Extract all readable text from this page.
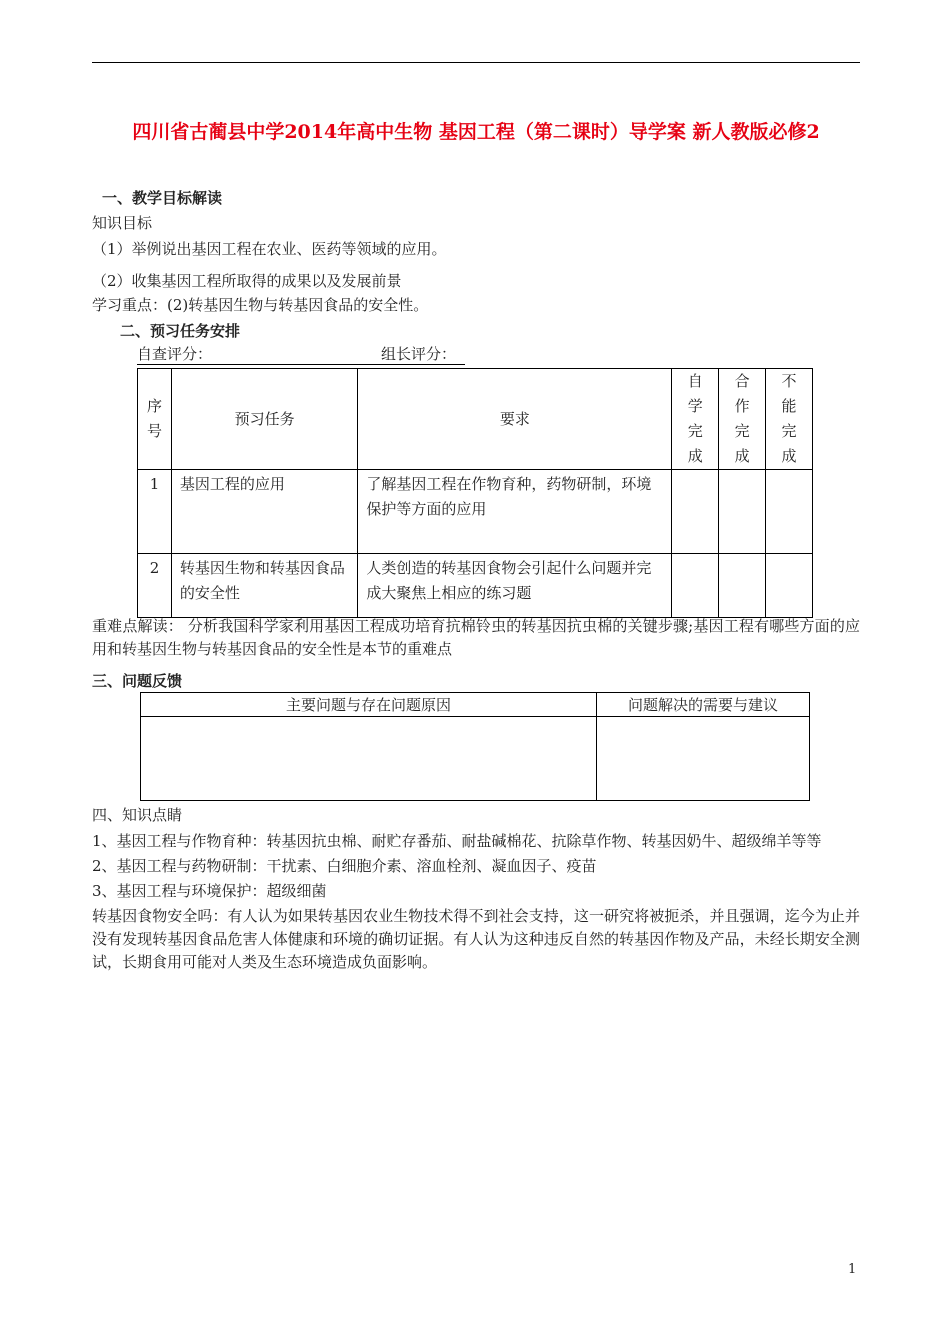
四川省古蔺县中学2014年高中生物 基因工程（第二课时）导学案 新人教版必修2
一、教学目标解读
知识目标
（1）举例说出基因工程在农业、医药等领域的应用。
（2）收集基因工程所取得的成果以及发展前景
学习重点：(2)转基因生物与转基因食品的安全性。
二、预习任务安排
自查评分：	组长评分：
序号	预习任务	要求	自学完成	合作完成	不能完成

1	基因工程的应用	了解基因工程在作物育种，药物研制，环境保护等方面的应用			
2	转基因生物和转基因食品的安全性	人类创造的转基因食物会引起什么问题并完成大聚焦上相应的练习题			
重难点解读： 分析我国科学家利用基因工程成功培育抗棉铃虫的转基因抗虫棉的关键步骤;基因工程有哪些方面的应用和转基因生物与转基因食品的安全性是本节的重难点
三、问题反馈
主要问题与存在问题原因	问题解决的需要与建议

四、知识点睛
1、基因工程与作物育种：转基因抗虫棉、耐贮存番茄、耐盐碱棉花、抗除草作物、转基因奶牛、超级绵羊等等
2、基因工程与药物研制：干扰素、白细胞介素、溶血栓剂、凝血因子、疫苗
3、基因工程与环境保护：超级细菌
转基因食物安全吗：有人认为如果转基因农业生物技术得不到社会支持，这一研究将被扼杀，并且强调，迄今为止并没有发现转基因食品危害人体健康和环境的确切证据。有人认为这种违反自然的转基因作物及产品，未经长期安全测试，长期食用可能对人类及生态环境造成负面影响。
1
